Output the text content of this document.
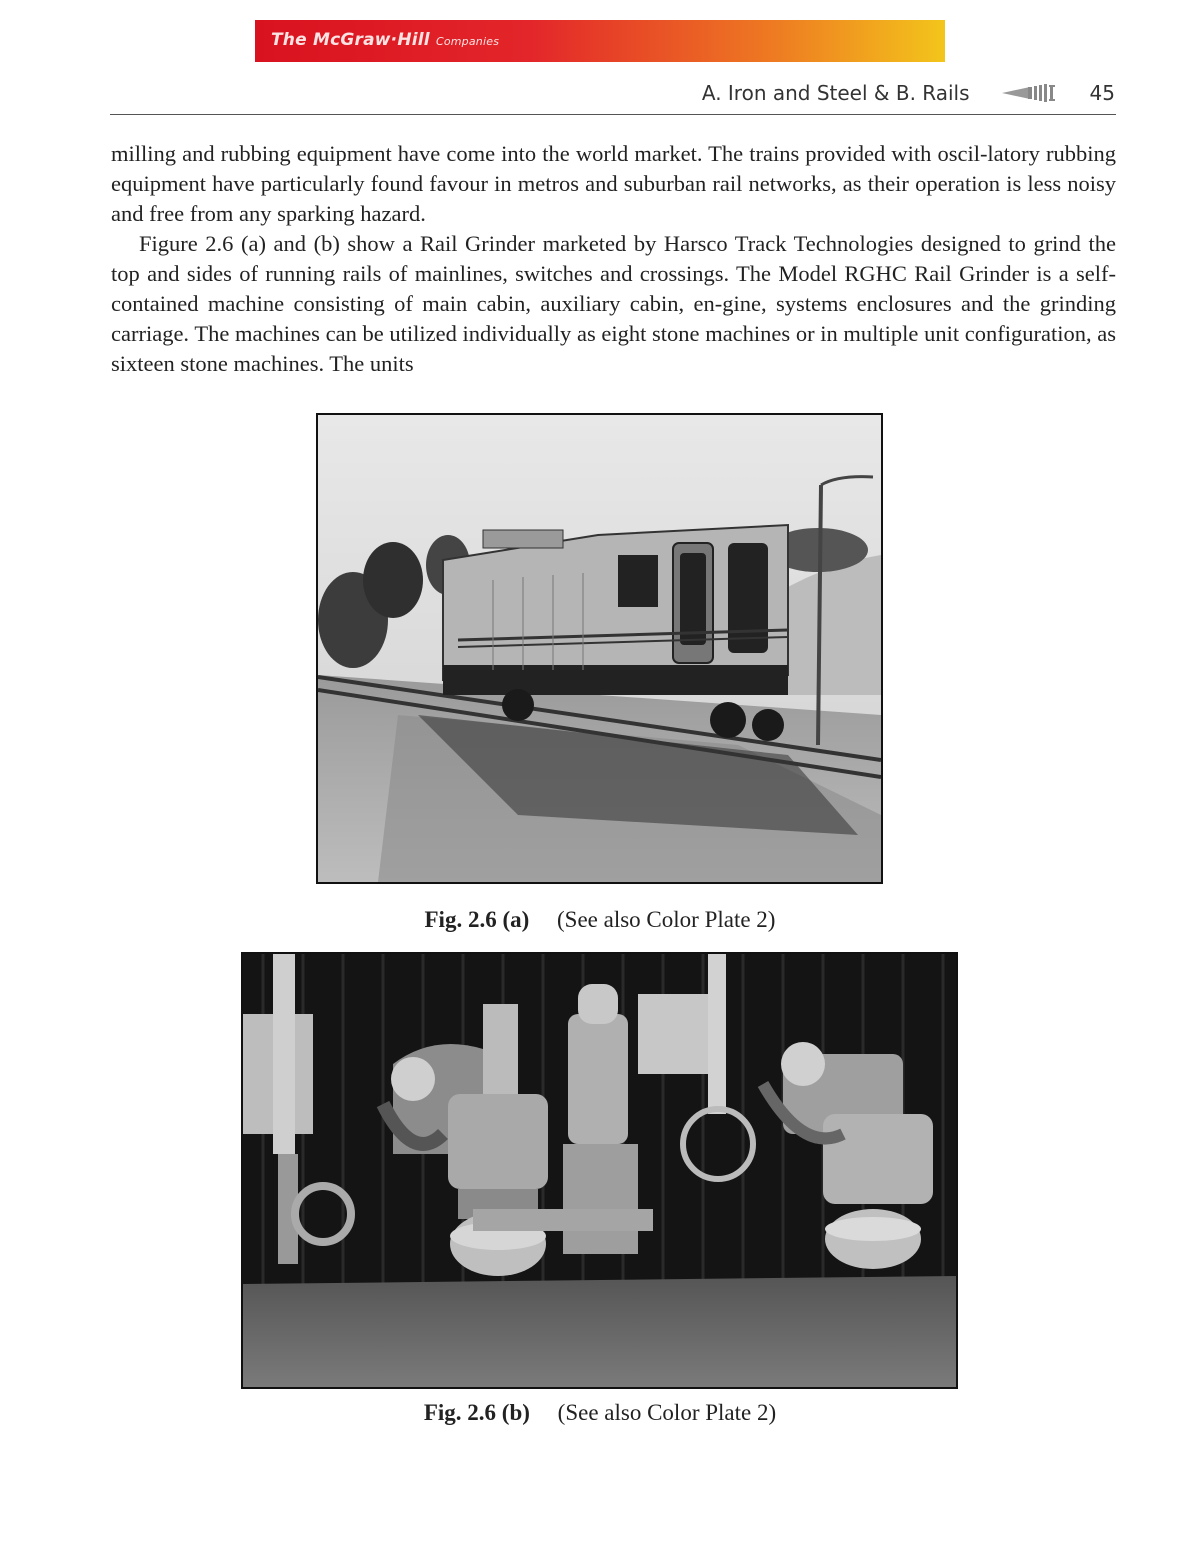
The McGraw·Hill Companies
A. Iron and Steel & B. Rails	45

milling and rubbing equipment have come into the world market. The trains provided with oscil-latory rubbing equipment have particularly found favour in metros and suburban rail networks, as their operation is less noisy and free from any sparking hazard.

Figure 2.6 (a) and (b) show a Rail Grinder marketed by Harsco Track Technologies designed to grind the top and sides of running rails of mainlines, switches and crossings. The Model RGHC Rail Grinder is a self-contained machine consisting of main cabin, auxiliary cabin, en-gine, systems enclosures and the grinding carriage. The machines can be utilized individually as eight stone machines or in multiple unit configuration, as sixteen stone machines. The units

Fig. 2.6 (a) (See also Color Plate 2)
Fig. 2.6 (b) (See also Color Plate 2)
